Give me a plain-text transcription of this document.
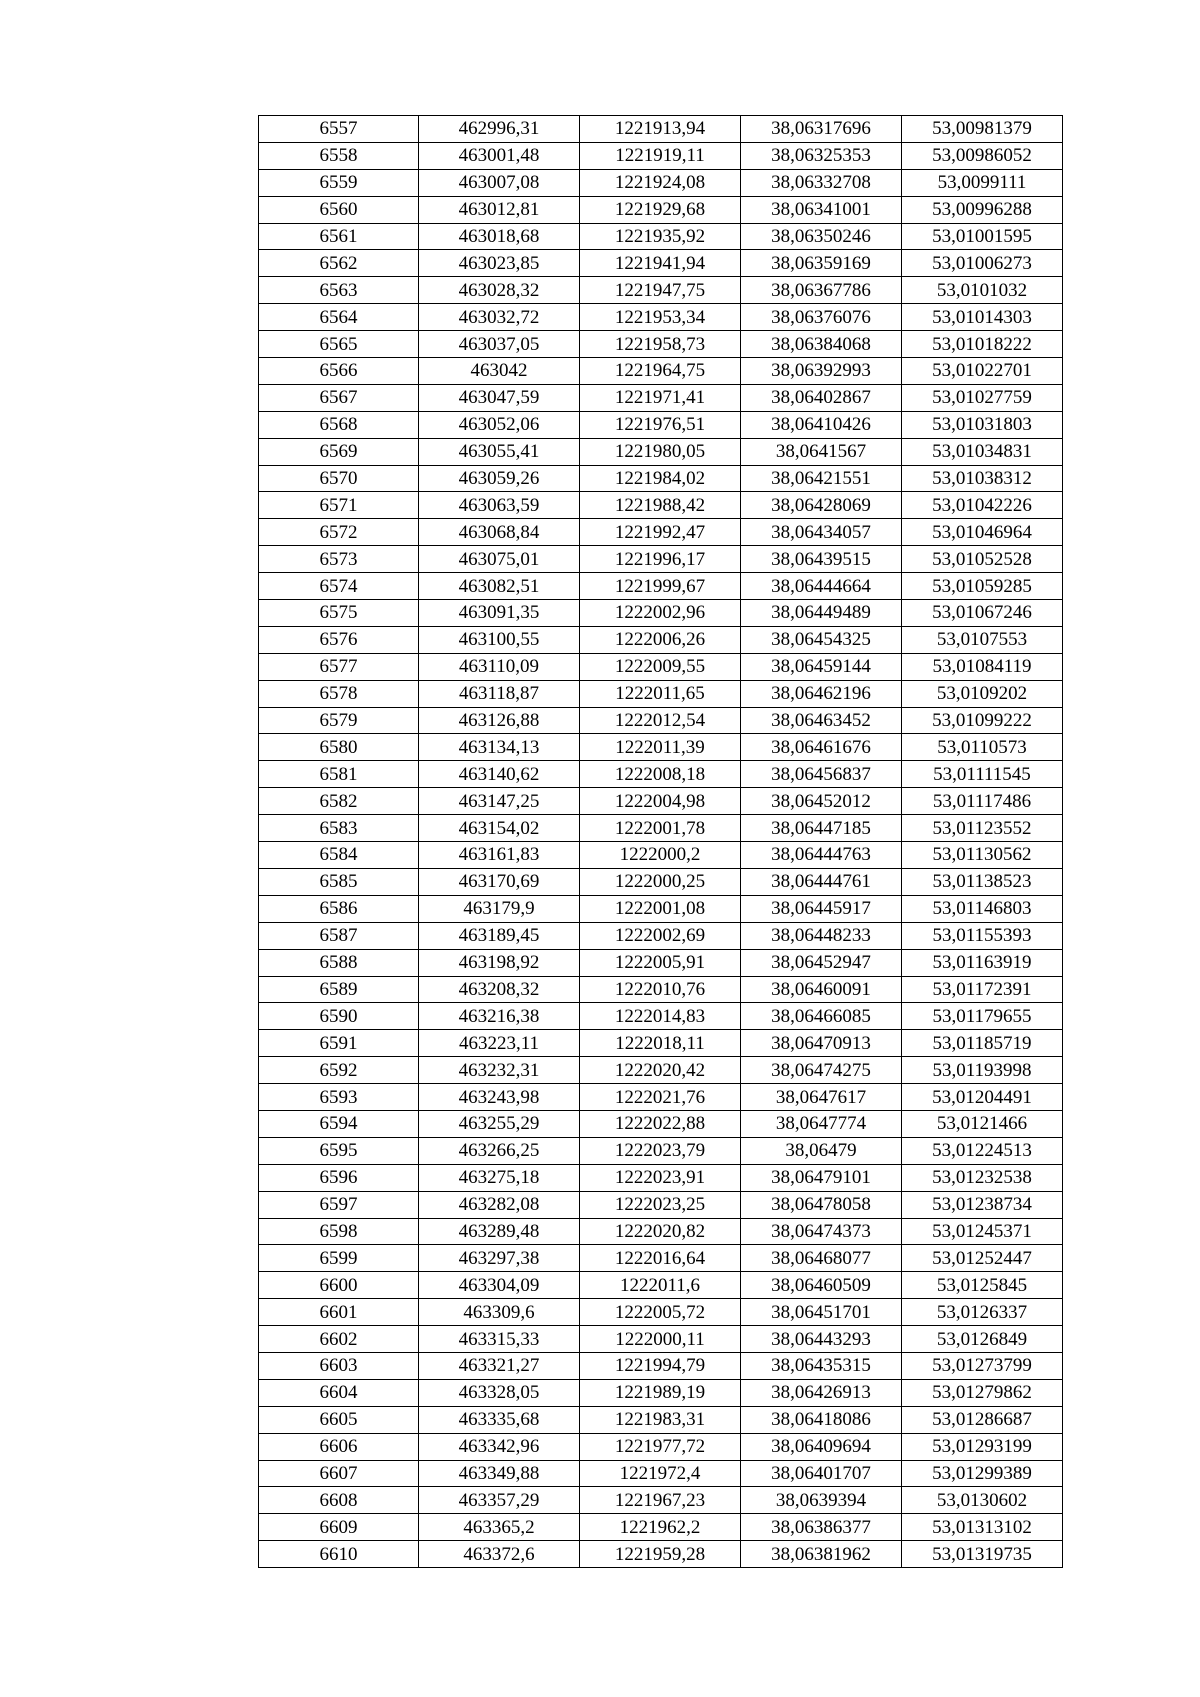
6557	462996,31	1221913,94	38,06317696	53,00981379
6558	463001,48	1221919,11	38,06325353	53,00986052
6559	463007,08	1221924,08	38,06332708	53,0099111
6560	463012,81	1221929,68	38,06341001	53,00996288
6561	463018,68	1221935,92	38,06350246	53,01001595
6562	463023,85	1221941,94	38,06359169	53,01006273
6563	463028,32	1221947,75	38,06367786	53,0101032
6564	463032,72	1221953,34	38,06376076	53,01014303
6565	463037,05	1221958,73	38,06384068	53,01018222
6566	463042	1221964,75	38,06392993	53,01022701
6567	463047,59	1221971,41	38,06402867	53,01027759
6568	463052,06	1221976,51	38,06410426	53,01031803
6569	463055,41	1221980,05	38,0641567	53,01034831
6570	463059,26	1221984,02	38,06421551	53,01038312
6571	463063,59	1221988,42	38,06428069	53,01042226
6572	463068,84	1221992,47	38,06434057	53,01046964
6573	463075,01	1221996,17	38,06439515	53,01052528
6574	463082,51	1221999,67	38,06444664	53,01059285
6575	463091,35	1222002,96	38,06449489	53,01067246
6576	463100,55	1222006,26	38,06454325	53,0107553
6577	463110,09	1222009,55	38,06459144	53,01084119
6578	463118,87	1222011,65	38,06462196	53,0109202
6579	463126,88	1222012,54	38,06463452	53,01099222
6580	463134,13	1222011,39	38,06461676	53,0110573
6581	463140,62	1222008,18	38,06456837	53,01111545
6582	463147,25	1222004,98	38,06452012	53,01117486
6583	463154,02	1222001,78	38,06447185	53,01123552
6584	463161,83	1222000,2	38,06444763	53,01130562
6585	463170,69	1222000,25	38,06444761	53,01138523
6586	463179,9	1222001,08	38,06445917	53,01146803
6587	463189,45	1222002,69	38,06448233	53,01155393
6588	463198,92	1222005,91	38,06452947	53,01163919
6589	463208,32	1222010,76	38,06460091	53,01172391
6590	463216,38	1222014,83	38,06466085	53,01179655
6591	463223,11	1222018,11	38,06470913	53,01185719
6592	463232,31	1222020,42	38,06474275	53,01193998
6593	463243,98	1222021,76	38,0647617	53,01204491
6594	463255,29	1222022,88	38,0647774	53,0121466
6595	463266,25	1222023,79	38,06479	53,01224513
6596	463275,18	1222023,91	38,06479101	53,01232538
6597	463282,08	1222023,25	38,06478058	53,01238734
6598	463289,48	1222020,82	38,06474373	53,01245371
6599	463297,38	1222016,64	38,06468077	53,01252447
6600	463304,09	1222011,6	38,06460509	53,0125845
6601	463309,6	1222005,72	38,06451701	53,0126337
6602	463315,33	1222000,11	38,06443293	53,0126849
6603	463321,27	1221994,79	38,06435315	53,01273799
6604	463328,05	1221989,19	38,06426913	53,01279862
6605	463335,68	1221983,31	38,06418086	53,01286687
6606	463342,96	1221977,72	38,06409694	53,01293199
6607	463349,88	1221972,4	38,06401707	53,01299389
6608	463357,29	1221967,23	38,0639394	53,0130602
6609	463365,2	1221962,2	38,06386377	53,01313102
6610	463372,6	1221959,28	38,06381962	53,01319735
